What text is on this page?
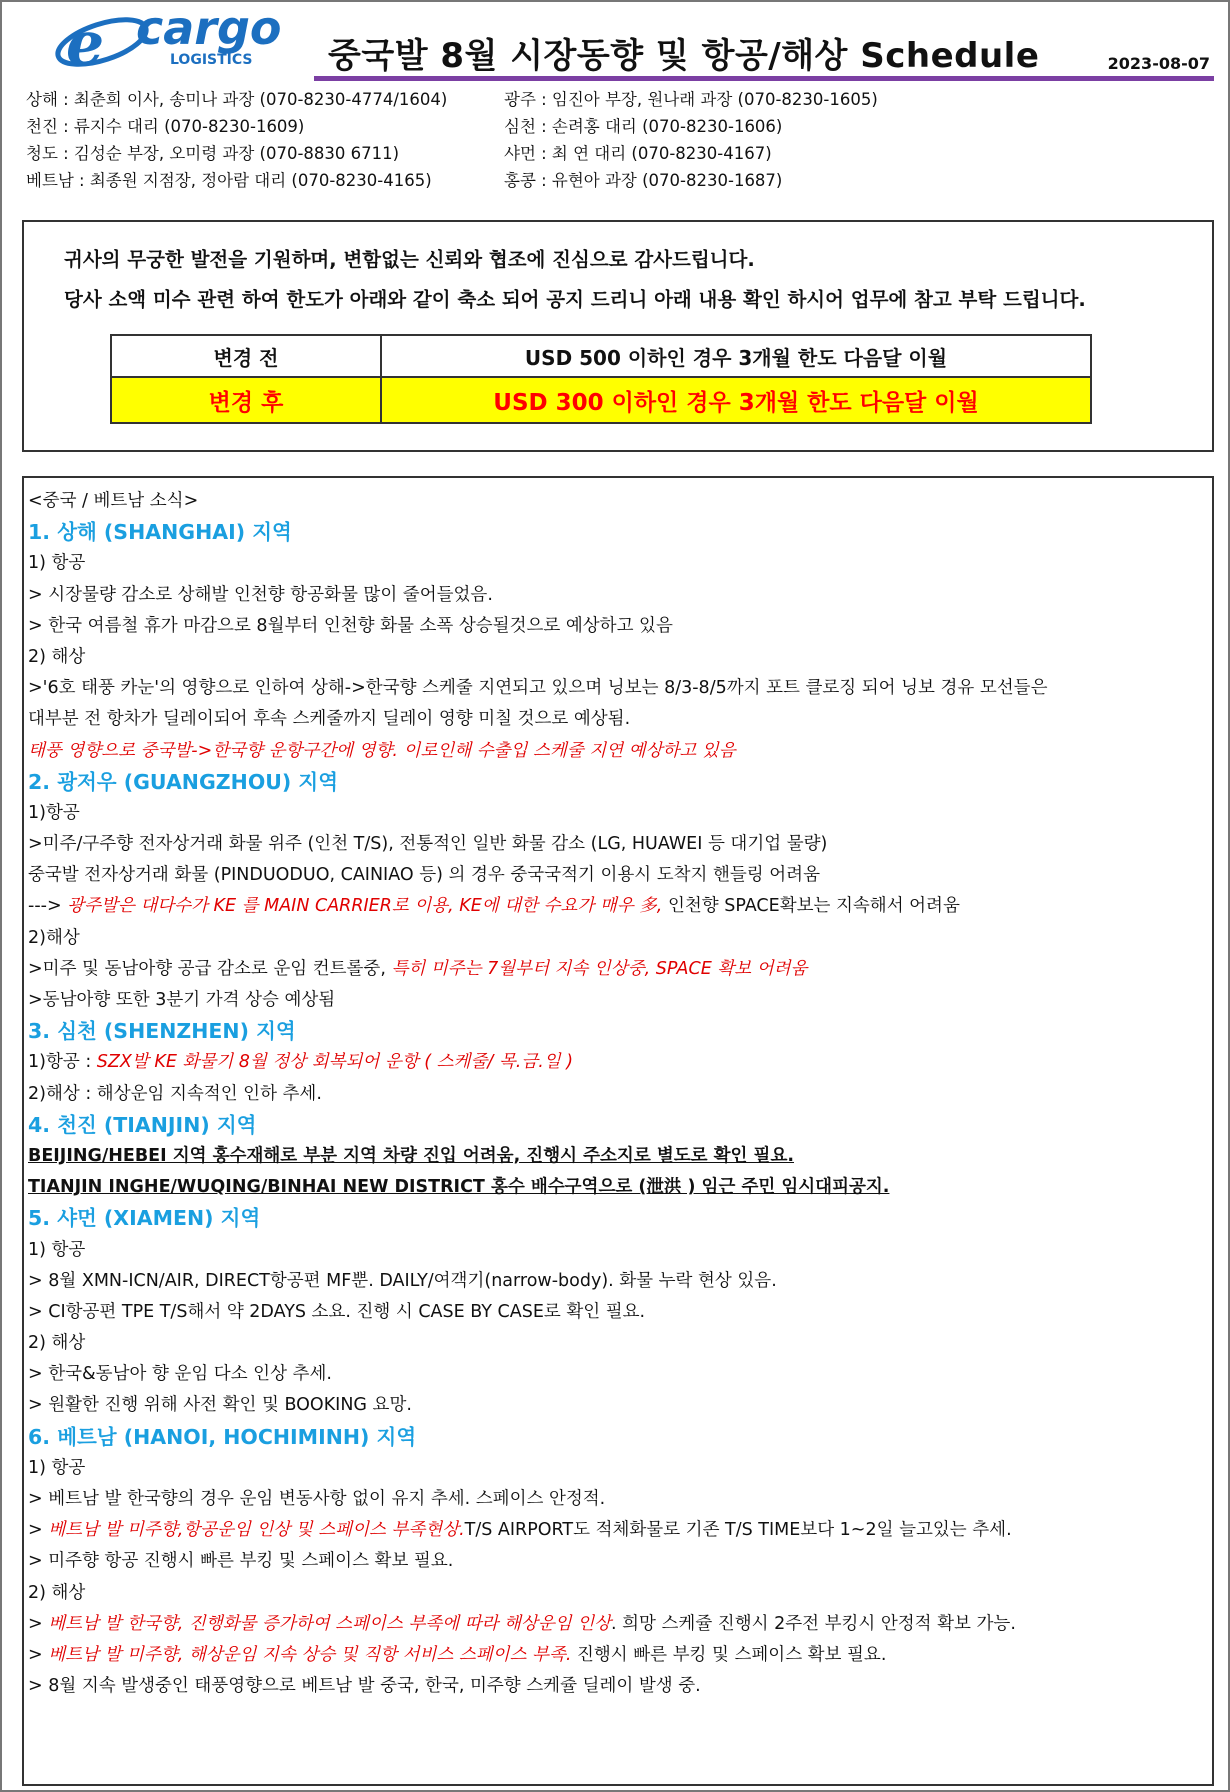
e cargo
LOGISTICS 중국발 8월 시장동향 및 항공/해상 Schedule	2023-08-07
상해 : 최춘희 이사, 송미나 과장 (070-8230-4774/1604)	광주 : 임진아 부장, 원나래 과장 (070-8230-1605)
천진 : 류지수 대리 (070-8230-1609)	심천 : 손려홍 대리 (070-8230-1606)
청도 : 김성순 부장, 오미령 과장 (070-8830 6711)	샤먼 : 최 연 대리 (070-8230-4167)
베트남 : 최종원 지점장, 정아람 대리 (070-8230-4165)	홍콩 : 유현아 과장 (070-8230-1687)

귀사의 무궁한 발전을 기원하며, 변함없는 신뢰와 협조에 진심으로 감사드립니다.

당사 소액 미수 관련 하여 한도가 아래와 같이 축소 되어 공지 드리니 아래 내용 확인 하시어 업무에 참고 부탁 드립니다.

변경 전	USD 500 이하인 경우 3개월 한도 다음달 이월
변경 후	USD 300 이하인 경우 3개월 한도 다음달 이월
<중국 / 베트남 소식>
1. 상해 (SHANGHAI) 지역
1) 항공
> 시장물량 감소로 상해발 인천향 항공화물 많이 줄어들었음.
> 한국 여름철 휴가 마감으로 8월부터 인천향 화물 소폭 상승될것으로 예상하고 있음
2) 해상
>'6호 태풍 카눈'의 영향으로 인하여 상해->한국향 스케줄 지연되고 있으며 닝보는 8/3-8/5까지 포트 클로징 되어 닝보 경유 모선들은
대부분 전 항차가 딜레이되어 후속 스케줄까지 딜레이 영향 미칠 것으로 예상됨.
태풍 영향으로 중국발->한국향 운항구간에 영향. 이로인해 수출입 스케줄 지연 예상하고 있음
2. 광저우 (GUANGZHOU) 지역
1)항공
>미주/구주향 전자상거래 화물 위주 (인천 T/S), 전통적인 일반 화물 감소 (LG, HUAWEI 등 대기업 물량)
중국발 전자상거래 화물 (PINDUODUO, CAINIAO 등) 의 경우 중국국적기 이용시 도착지 핸들링 어려움
---> 광주발은 대다수가 KE 를 MAIN CARRIER로 이용, KE에 대한 수요가 매우 多, 인천향 SPACE확보는 지속해서 어려움
2)해상
>미주 및 동남아향 공급 감소로 운임 컨트롤중, 특히 미주는 7월부터 지속 인상중, SPACE 확보 어려움
>동남아향 또한 3분기 가격 상승 예상됨
3. 심천 (SHENZHEN) 지역
1)항공 : SZX발 KE 화물기 8월 정상 회복되어 운항 ( 스케줄/ 목.금.일 )
2)해상 : 해상운임 지속적인 인하 추세.
4. 천진 (TIANJIN) 지역
BEIJING/HEBEI 지역 홍수재해로 부분 지역 차량 진입 어려움, 진행시 주소지로 별도로 확인 필요.
TIANJIN INGHE/WUQING/BINHAI NEW DISTRICT 홍수 배수구역으로 (泄洪 ) 임근 주민 임시대피공지.
5. 샤먼 (XIAMEN) 지역
1) 항공
> 8월 XMN-ICN/AIR, DIRECT항공편 MF뿐. DAILY/여객기(narrow-body). 화물 누락 현상 있음.
> CI항공편 TPE T/S해서 약 2DAYS 소요. 진행 시 CASE BY CASE로 확인 필요.
2) 해상
> 한국&동남아 향 운임 다소 인상 추세.
> 원활한 진행 위해 사전 확인 및 BOOKING 요망.
6. 베트남 (HANOI, HOCHIMINH) 지역
1) 항공
> 베트남 발 한국향의 경우 운임 변동사항 없이 유지 추세. 스페이스 안정적.
> 베트남 발 미주향,항공운임 인상 및 스페이스 부족현상.T/S AIRPORT도 적체화물로 기존 T/S TIME보다 1~2일 늘고있는 추세.
> 미주향 항공 진행시 빠른 부킹 및 스페이스 확보 필요.
2) 해상
> 베트남 발 한국향, 진행화물 증가하여 스페이스 부족에 따라 해상운임 인상. 희망 스케쥴 진행시 2주전 부킹시 안정적 확보 가능.
> 베트남 발 미주향, 해상운임 지속 상승 및 직항 서비스 스페이스 부족. 진행시 빠른 부킹 및 스페이스 확보 필요.
> 8월 지속 발생중인 태풍영향으로 베트남 발 중국, 한국, 미주향 스케쥴 딜레이 발생 중.
